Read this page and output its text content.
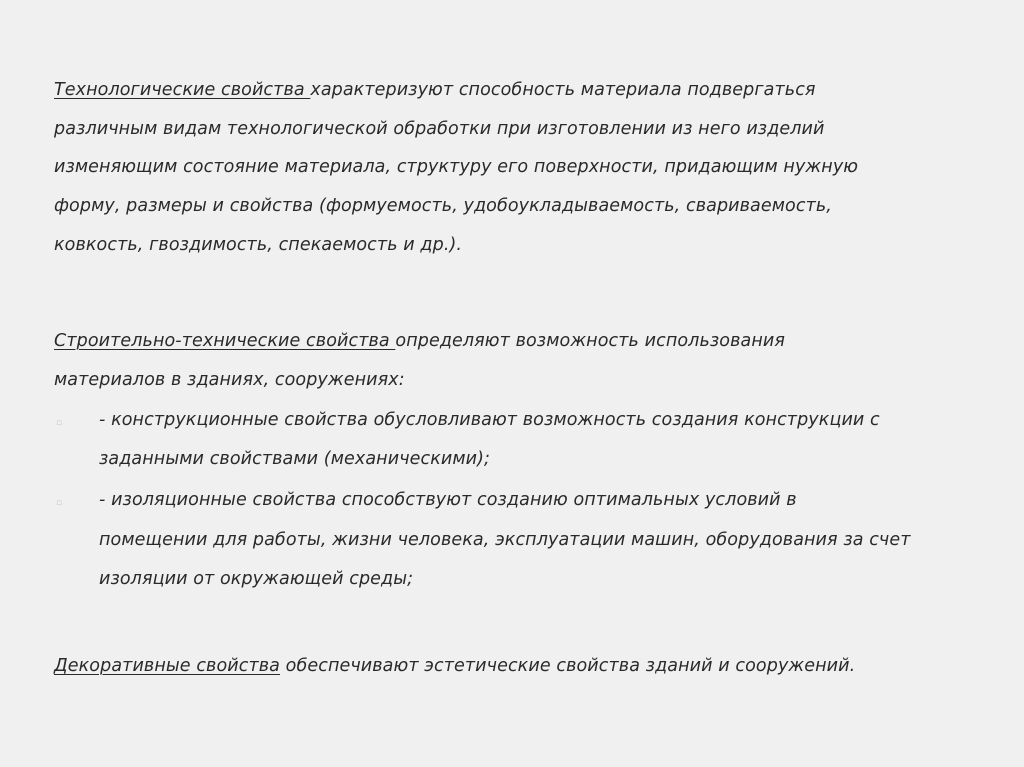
Технологические свойства характеризуют способность материала подвергаться
различным видам технологической обработки при изготовлении из него изделий
изменяющим состояние материала, структуру его поверхности, придающим нужную
форму, размеры и свойства (формуемость, удобоукладываемость, свариваемость,
ковкость, гвоздимость, спекаемость и др.).
Строительно-технические свойства определяют возможность использования
материалов в зданиях, сооружениях:
▫ - конструкционные свойства обусловливают возможность создания конструкции с
заданными свойствами (механическими);
▫ - изоляционные свойства способствуют созданию оптимальных условий в
помещении для работы, жизни человека, эксплуатации машин, оборудования за счет
изоляции от окружающей среды;
Декоративные свойства обеспечивают эстетические свойства зданий и сооружений.
